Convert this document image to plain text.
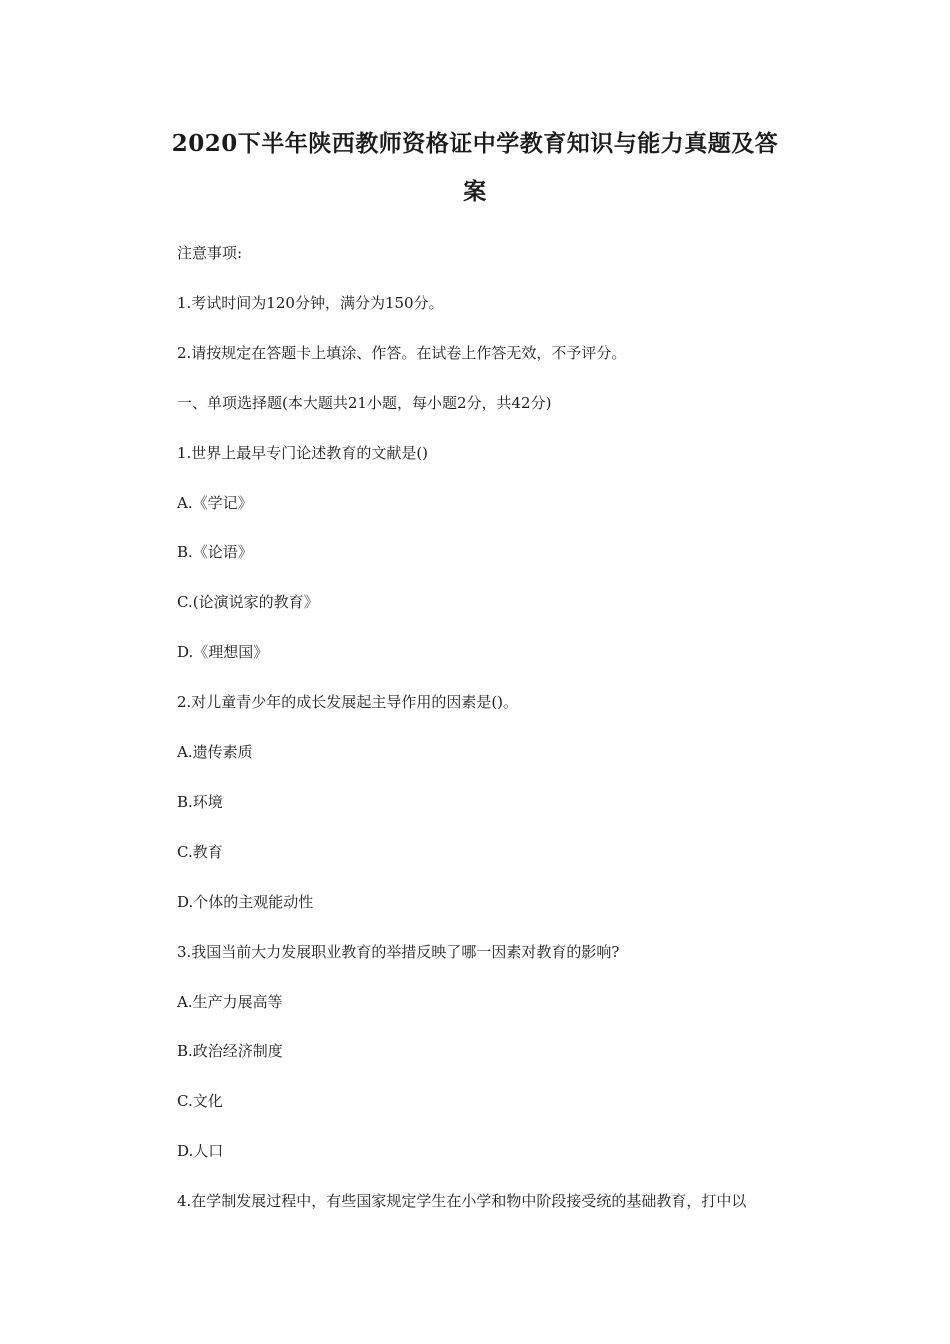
2020下半年陕西教师资格证中学教育知识与能力真题及答
案
注意事项:
1.考试时间为120分钟，满分为150分。
2.请按规定在答题卡上填涂、作答。在试卷上作答无效，不予评分。
一、单项选择题(本大题共21小题，每小题2分，共42分)
1.世界上最早专门论述教育的文献是()
A.《学记》
B.《论语》
C.(论演说家的教育》
D.《理想国》
2.对儿童青少年的成长发展起主导作用的因素是()。
A.遗传素质
B.环境
C.教育
D.个体的主观能动性
3.我国当前大力发展职业教育的举措反映了哪一因素对教育的影响?
A.生产力展高等
B.政治经济制度
C.文化
D.人口
4.在学制发展过程中，有些国家规定学生在小学和物中阶段接受统的基础教育，打中以
